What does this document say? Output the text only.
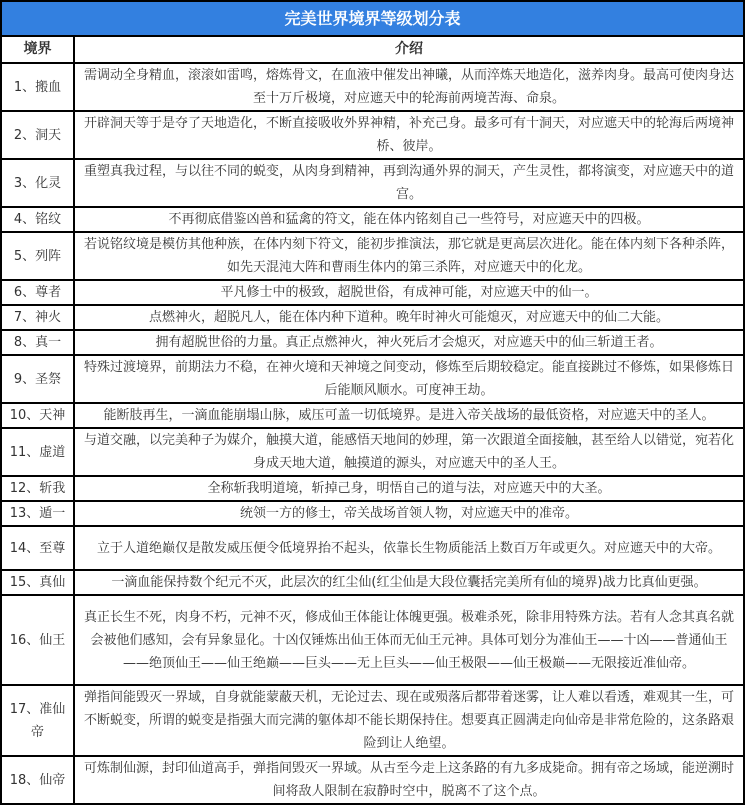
完美世界境界等级划分表	
境界	介绍
1、搬血	需调动全身精血，滚滚如雷鸣，熔炼骨文，在血液中催发出神曦，从而淬炼天地造化，滋养肉身。最高可使肉身达至十万斤极境，对应遮天中的轮海前两境苦海、命泉。
2、洞天	开辟洞天等于是夺了天地造化，不断直接吸收外界神精，补充己身。最多可有十洞天，对应遮天中的轮海后两境神桥、彼岸。
3、化灵	重塑真我过程，与以往不同的蜕变，从肉身到精神，再到沟通外界的洞天，产生灵性，都将演变，对应遮天中的道宫。
4、铭纹	不再彻底借鉴凶兽和猛禽的符文，能在体内铭刻自己一些符号，对应遮天中的四极。
5、列阵	若说铭纹境是模仿其他种族，在体内刻下符文，能初步推演法，那它就是更高层次进化。能在体内刻下各种杀阵，如先天混沌大阵和曹雨生体内的第三杀阵，对应遮天中的化龙。
6、尊者	平凡修士中的极致，超脱世俗，有成神可能，对应遮天中的仙一。
7、神火	点燃神火，超脱凡人，能在体内种下道种。晚年时神火可能熄灭，对应遮天中的仙二大能。
8、真一	拥有超脱世俗的力量。真正点燃神火，神火死后才会熄灭，对应遮天中的仙三斩道王者。
9、圣祭	特殊过渡境界，前期法力不稳，在神火境和天神境之间变动，修炼至后期较稳定。能直接跳过不修炼，如果修炼日后能顺风顺水。可度神王劫。
10、天神	能断肢再生，一滴血能崩塌山脉，威压可盖一切低境界。是进入帝关战场的最低资格，对应遮天中的圣人。
11、虚道	与道交融，以完美种子为媒介，触摸大道，能感悟天地间的妙理，第一次跟道全面接触，甚至给人以错觉，宛若化身成天地大道，触摸道的源头，对应遮天中的圣人王。
12、斩我	全称斩我明道境，斩掉己身，明悟自己的道与法，对应遮天中的大圣。
13、遁一	统领一方的修士，帝关战场首领人物，对应遮天中的准帝。
14、至尊	立于人道绝巅仅是散发威压便令低境界抬不起头，依靠长生物质能活上数百万年或更久。对应遮天中的大帝。
15、真仙	一滴血能保持数个纪元不灭，此层次的红尘仙(红尘仙是大段位囊括完美所有仙的境界)战力比真仙更强。
16、仙王	真正长生不死，肉身不朽，元神不灭，修成仙王体能让体魄更强。极难杀死，除非用特殊方法。若有人念其真名就会被他们感知，会有异象显化。十凶仅锤炼出仙王体而无仙王元神。具体可划分为准仙王——十凶——普通仙王——绝顶仙王——仙王绝巅——巨头——无上巨头——仙王极限——仙王极巅——无限接近准仙帝。
17、准仙帝	弹指间能毁灭一界域，自身就能蒙蔽天机，无论过去、现在或殒落后都带着迷雾，让人难以看透，难观其一生，可不断蜕变，所谓的蜕变是指强大而完满的躯体却不能长期保持住。想要真正圆满走向仙帝是非常危险的，这条路艰险到让人绝望。
18、仙帝	可炼制仙源，封印仙道高手，弹指间毁灭一界域。从古至今走上这条路的有九多成毙命。拥有帝之场域，能逆溯时间将敌人限制在寂静时空中，脱离不了这个点。
